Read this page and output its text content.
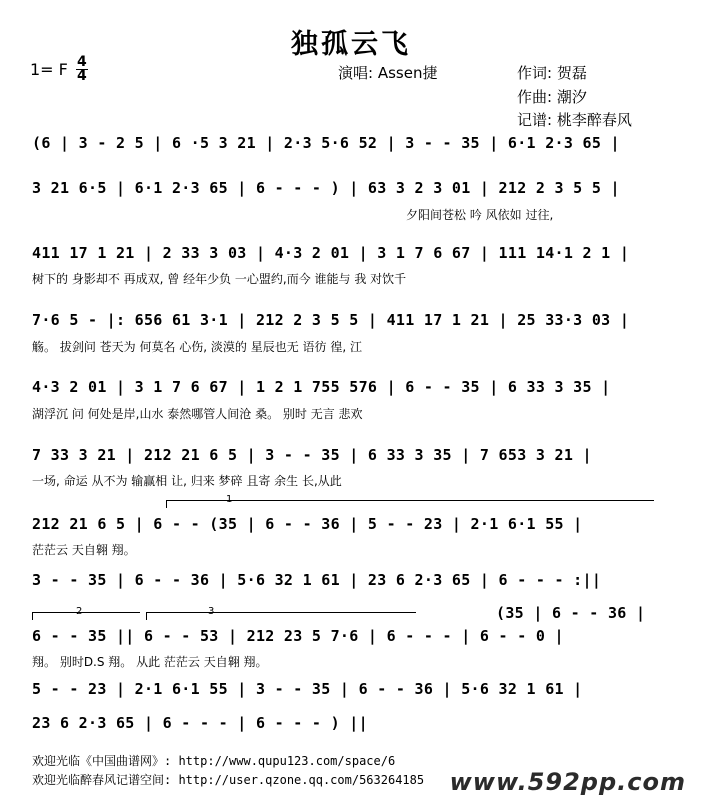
独孤云飞
1= F 4
4	演唱: Assen捷	作词: 贺磊
作曲: 潮汐
记谱: 桃李醉春风
(6 | 3 - 2 5 | 6 ·5 3 21 | 2·3 5·6 52 | 3 - - 35 | 6·1 2·3 65 |
3 21 6·5 | 6·1 2·3 65 | 6 - - - ) | 63 3 2 3 01 | 212 2 3 5 5 |
夕阳间苍松 吟 风依如 过往,
411 17 1 21 | 2 33 3 03 | 4·3 2 01 | 3 1 7 6 67 | 111 14·1 2 1 |
树下的 身影却不 再成双, 曾 经年少负 一心盟约,而今 谁能与 我 对饮千
7·6 5 - |: 656 61 3·1 | 212 2 3 5 5 | 411 17 1 21 | 25 33·3 03 |
觞。 拔剑问 苍天为 何莫名 心伤, 淡漠的 星辰也无 语彷 徨, 江
4·3 2 01 | 3 1 7 6 67 | 1 2 1 755 576 | 6 - - 35 | 6 33 3 35 |
湖浮沉 问 何处是岸,山水 泰然哪管人间沧 桑。 别时 无言 悲欢
7 33 3 21 | 212 21 6 5 | 3 - - 35 | 6 33 3 35 | 7 653 3 21 |
一场, 命运 从不为 输赢相 让, 归来 梦碎 且寄 余生 长,从此
1
212 21 6 5 | 6 - - (35 | 6 - - 36 | 5 - - 23 | 2·1 6·1 55 |
茫茫云 天自翱 翔。
3 - - 35 | 6 - - 36 | 5·6 32 1 61 | 23 6 2·3 65 | 6 - - - :||
2	3	(35 | 6 - - 36 |
6 - - 35 || 6 - - 53 | 212 23 5 7·6 | 6 - - - | 6 - - 0 |
翔。 别时D.S 翔。 从此 茫茫云 天自翱 翔。
5 - - 23 | 2·1 6·1 55 | 3 - - 35 | 6 - - 36 | 5·6 32 1 61 |
23 6 2·3 65 | 6 - - - | 6 - - - ) ||
欢迎光临《中国曲谱网》: http://www.qupu123.com/space/6
欢迎光临醉春风记谱空间: http://user.qzone.qq.com/563264185 www.592pp.com
